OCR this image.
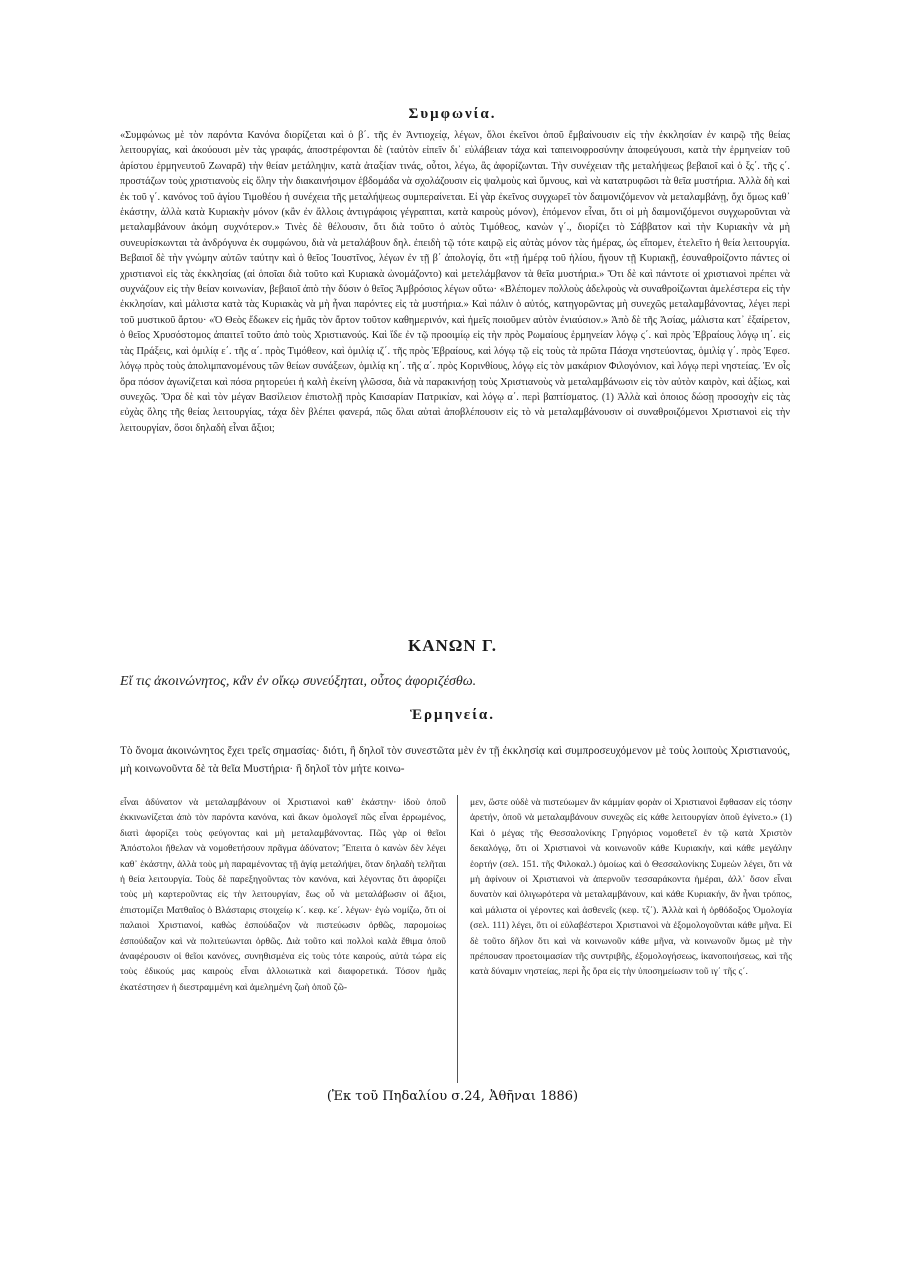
Συμφωνία.

«Συμφώνως μὲ τὸν παρόντα Κανόνα διορίζεται καὶ ὁ β΄. τῆς ἐν Ἀντιοχείᾳ, λέγων, ὅλοι ἐκεῖνοι ὁποῦ ἔμβαίνουσιν εἰς τὴν ἐκκλησίαν ἐν καιρῷ τῆς θείας λειτουργίας, καὶ ἀκούουσι μὲν τὰς γραφάς, ἀποστρέφονται δὲ (ταὐτὸν εἰπεῖν δι᾽ εὐλάβειαν τάχα καὶ ταπεινοφροσύνην ἀποφεύγουσι, κατὰ τὴν ἑρμηνείαν τοῦ ἀρίστου ἑρμηνευτοῦ Ζωναρᾶ) τὴν θείαν μετάληψιν, κατὰ ἀταξίαν τινάς, οὗτοι, λέγω, ἂς ἀφορίζωνται. Τὴν συνέχειαν τῆς μεταλήψεως βεβαιοῖ καὶ ὁ ξς΄. τῆς ς΄. προστάζων τοὺς χριστιανοὺς εἰς ὅλην τὴν διακαινήσιμον ἑβδομάδα νὰ σχολάζουσιν εἰς ψαλμοὺς καὶ ὕμνους, καὶ νὰ κατατρυφῶσι τὰ θεῖα μυστήρια. Ἀλλὰ δὴ καὶ ἐκ τοῦ γ΄. κανόνος τοῦ ἁγίου Τιμοθέου ἡ συνέχεια τῆς μεταλήψεως συμπεραίνεται. Εἰ γὰρ ἐκεῖνος συγχωρεῖ τὸν δαιμονιζόμενον νὰ μεταλαμβάνῃ, ὄχι ὅμως καθ᾽ ἑκάστην, ἀλλὰ κατὰ Κυριακὴν μόνον (κἂν ἐν ἄλλοις ἀντιγράφοις γέγραπται, κατὰ καιροὺς μόνον), ἑπόμενον εἶναι, ὅτι οἱ μὴ δαιμονιζόμενοι συγχωροῦνται νὰ μεταλαμβάνουν ἀκόμη συχνότερον.» Τινὲς δὲ θέλουσιν, ὅτι διὰ τοῦτο ὁ αὐτὸς Τιμόθεος, κανὼν γ΄., διορίζει τὸ Σάββατον καὶ τὴν Κυριακὴν νὰ μὴ συνευρίσκωνται τὰ ἀνδρόγυνα ἐκ συμφώνου, διὰ νὰ μεταλάβουν δηλ. ἐπειδὴ τῷ τότε καιρῷ εἰς αὐτὰς μόνον τὰς ἡμέρας, ὡς εἴπομεν, ἐτελεῖτο ἡ θεία λειτουργία. Βεβαιοῖ δὲ τὴν γνώμην αὐτῶν ταύτην καὶ ὁ θεῖος Ἰουστῖνος, λέγων ἐν τῇ β΄ ἀπολογίᾳ, ὅτι «τῇ ἡμέρᾳ τοῦ ἡλίου, ἤγουν τῇ Κυριακῇ, ἐσυναθροίζοντο πάντες οἱ χριστιανοὶ εἰς τὰς ἐκκλησίας (αἱ ὁποῖαι διὰ τοῦτο καὶ Κυριακὰ ὠνομάζοντο) καὶ μετελάμβανον τὰ θεῖα μυστήρια.» Ὅτι δὲ καὶ πάντοτε οἱ χριστιανοὶ πρέπει νὰ συχνάζουν εἰς τὴν θείαν κοινωνίαν, βεβαιοῖ ἀπὸ τὴν δύσιν ὁ θεῖος Ἀμβρόσιος λέγων οὕτω· «Βλέπομεν πολλοὺς ἀδελφοὺς νὰ συναθροίζωνται ἀμελέστερα εἰς τὴν ἐκκλησίαν, καὶ μάλιστα κατὰ τὰς Κυριακὰς νὰ μὴ ἦναι παρόντες εἰς τὰ μυστήρια.» Καὶ πάλιν ὁ αὐτός, κατηγορῶντας μὴ συνεχῶς μεταλαμβάνοντας, λέγει περὶ τοῦ μυστικοῦ ἄρτου· «Ὁ Θεὸς ἔδωκεν εἰς ἡμᾶς τὸν ἄρτον τοῦτον καθημερινόν, καὶ ἡμεῖς ποιοῦμεν αὐτὸν ἐνιαύσιον.» Ἀπὸ δὲ τῆς Ἀσίας, μάλιστα κατ᾽ ἐξαίρετον, ὁ θεῖος Χρυσόστομος ἀπαιτεῖ τοῦτο ἀπὸ τοὺς Χριστιανούς. Καὶ ἴδε ἐν τῷ προοιμίῳ εἰς τὴν πρὸς Ρωμαίους ἑρμηνείαν λόγῳ ϛ΄. καὶ πρὸς Ἑβραίους λόγῳ ιη΄. εἰς τὰς Πράξεις, καὶ ὁμιλίᾳ ε΄. τῆς α΄. πρὸς Τιμόθεον, καὶ ὁμιλίᾳ ιζ΄. τῆς πρὸς Ἑβραίους, καὶ λόγῳ τῷ εἰς τοὺς τὰ πρῶτα Πάσχα νηστεύοντας, ὁμιλίᾳ γ΄. πρὸς Ἐφεσ. λόγῳ πρὸς τοὺς ἀπολιμπανομένους τῶν θείων συνάξεων, ὁμιλίᾳ κη΄. τῆς α΄. πρὸς Κορινθίους, λόγῳ εἰς τὸν μακάριον Φιλογόνιον, καὶ λόγῳ περὶ νηστείας. Ἐν οἷς ὅρα πόσον ἀγωνίζεται καὶ πόσα ρητορεύει ἡ καλὴ ἐκείνη γλῶσσα, διὰ νὰ παρακινήσῃ τοὺς Χριστιανοὺς νὰ μεταλαμβάνωσιν εἰς τὸν αὐτὸν καιρὸν, καὶ ἀξίως, καὶ συνεχῶς. Ὅρα δὲ καὶ τὸν μέγαν Βασίλειον ἐπιστολῇ πρὸς Καισαρίαν Πατρικίαν, καὶ λόγῳ α΄. περὶ βαπτίσματος. (1) Ἀλλὰ καὶ ὁποιος δώσῃ προσοχὴν εἰς τὰς εὐχὰς ὅλης τῆς θείας λειτουργίας, τάχα δὲν βλέπει φανερά, πῶς ὅλαι αὐταὶ ἀποβλέπουσιν εἰς τὸ νὰ μεταλαμβάνουσιν οἱ συναθροιζόμενοι Χριστιανοὶ εἰς τὴν λειτουργίαν, ὅσοι δηλαδὴ εἶναι ἄξιοι;

ΚΑΝΩΝ Γ.

Εἴ τις ἀκοινώνητος, κἂν ἐν οἴκῳ συνεύξηται, οὗτος ἀφοριζέσθω.

Ἑρμηνεία.

Τὸ ὄνομα ἀκοινώνητος ἔχει τρεῖς σημασίας· διότι, ἢ δηλοῖ τὸν συνεστῶτα μὲν ἐν τῇ ἐκκλησίᾳ καὶ συμπροσευχόμενον μὲ τοὺς λοιποὺς Χριστιανούς, μὴ κοινωνοῦντα δὲ τὰ θεῖα Μυστήρια· ἢ δηλοῖ τὸν μήτε κοινω-

εἶναι ἀδύνατον νὰ μεταλαμβάνουν οἱ Χριστιανοὶ καθ᾽ ἑκάστην· ἰδοὺ ὁποῦ ἐκκινωνίζεται ἀπὸ τὸν παρόντα κανόνα, καὶ ἄκων ὁμολογεῖ πῶς εἶναι ἐρρωμένος, διατὶ ἀφορίζει τοὺς φεύγοντας καὶ μὴ μεταλαμβάνοντας. Πῶς γὰρ οἱ θεῖοι Ἀπόστολοι ἤθελαν νὰ νομοθετήσουν πρᾶγμα ἀδύνατον; Ἔπειτα ὁ κανὼν δὲν λέγει καθ᾽ ἑκάστην, ἀλλὰ τοὺς μὴ παραμένοντας τῇ ἁγίᾳ μεταλήψει, ὅταν δηλαδὴ τελῆται ἡ θεία λειτουργία. Τοὺς δὲ παρεξηγοῦντας τὸν κανόνα, καὶ λέγοντας ὅτι ἀφορίζει τοὺς μὴ καρτεροῦντας εἰς τὴν λειτουργίαν, ἕως οὗ νὰ μεταλάβωσιν οἱ ἄξιοι, ἐπιστομίζει Ματθαῖος ὁ Βλάσταρις στοιχείῳ κ΄. κεφ. κε΄. λέγων· ἐγὼ νομίζω, ὅτι οἱ παλαιοὶ Χριστιανοί, καθὼς ἐσπούδαζον νὰ πιστεύωσιν ὀρθῶς, παρομοίως ἐσπούδαζον καὶ νὰ πολιτεύωνται ὀρθῶς. Διὰ τοῦτο καὶ πολλοὶ καλὰ ἔθιμα ὁποῦ ἀναφέρουσιν οἱ θεῖοι κανόνες, συνηθισμένα εἰς τοὺς τότε καιρούς, αὐτὰ τώρα εἰς τοὺς ἐδικούς μας καιροὺς εἶναι ἀλλοιωτικὰ καὶ διαφορετικά. Τόσον ἡμᾶς ἐκατέστησεν ἡ διεστραμμένη καὶ ἀμελημένη ζωὴ ὁποῦ ζῶ-

μεν, ὥστε οὐδὲ νὰ πιστεύωμεν ἂν κάμμίαν φορὰν οἱ Χριστιανοὶ ἔφθασαν εἰς τόσην ἀρετήν, ὁποῦ νὰ μεταλαμβάνουν συνεχῶς εἰς κάθε λειτουργίαν ὁποῦ ἐγίνετο.» (1) Καὶ ὁ μέγας τῆς Θεσσαλονίκης Γρηγόριος νομοθετεῖ ἐν τῷ κατὰ Χριστὸν δεκαλόγῳ, ὅτι οἱ Χριστιανοὶ νὰ κοινωνοῦν κάθε Κυριακήν, καὶ κάθε μεγάλην ἑορτήν (σελ. 151. τῆς Φιλοκαλ.) ὁμοίως καὶ ὁ Θεσσαλονίκης Συμεὼν λέγει, ὅτι νὰ μὴ ἀφίνουν οἱ Χριστιανοὶ νὰ ἀπερνοῦν τεσσαράκοντα ἡμέραι, ἀλλ᾽ ὅσον εἶναι δυνατὸν καὶ ὀλιγωρότερα νὰ μεταλαμβάνουν, καὶ κάθε Κυριακήν, ἂν ἦναι τρόπος, καὶ μάλιστα οἱ γέροντες καὶ ἀσθενεῖς (κεφ. τζ΄). Ἀλλὰ καὶ ἡ ὀρθόδοξος Ὁμολογία (σελ. 111) λέγει, ὅτι οἱ εὐλαβέστεροι Χριστιανοὶ νὰ ἐξομολογοῦνται κάθε μῆνα. Εἰ δὲ τοῦτο δῆλον ὅτι καὶ νὰ κοινωνοῦν κάθε μῆνα, νὰ κοινωνοῦν ὅμως μὲ τὴν πρέπουσαν προετοιμασίαν τῆς συντριβῆς, ἐξομολογήσεως, ἱκανοποιήσεως, καὶ τῆς κατὰ δύναμιν νηστείας, περὶ ἧς ὅρα εἰς τὴν ὑποσημείωσιν τοῦ ιγ΄ τῆς ς΄.

(Ἐκ τοῦ Πηδαλίου σ.24, Ἀθῆναι 1886)
